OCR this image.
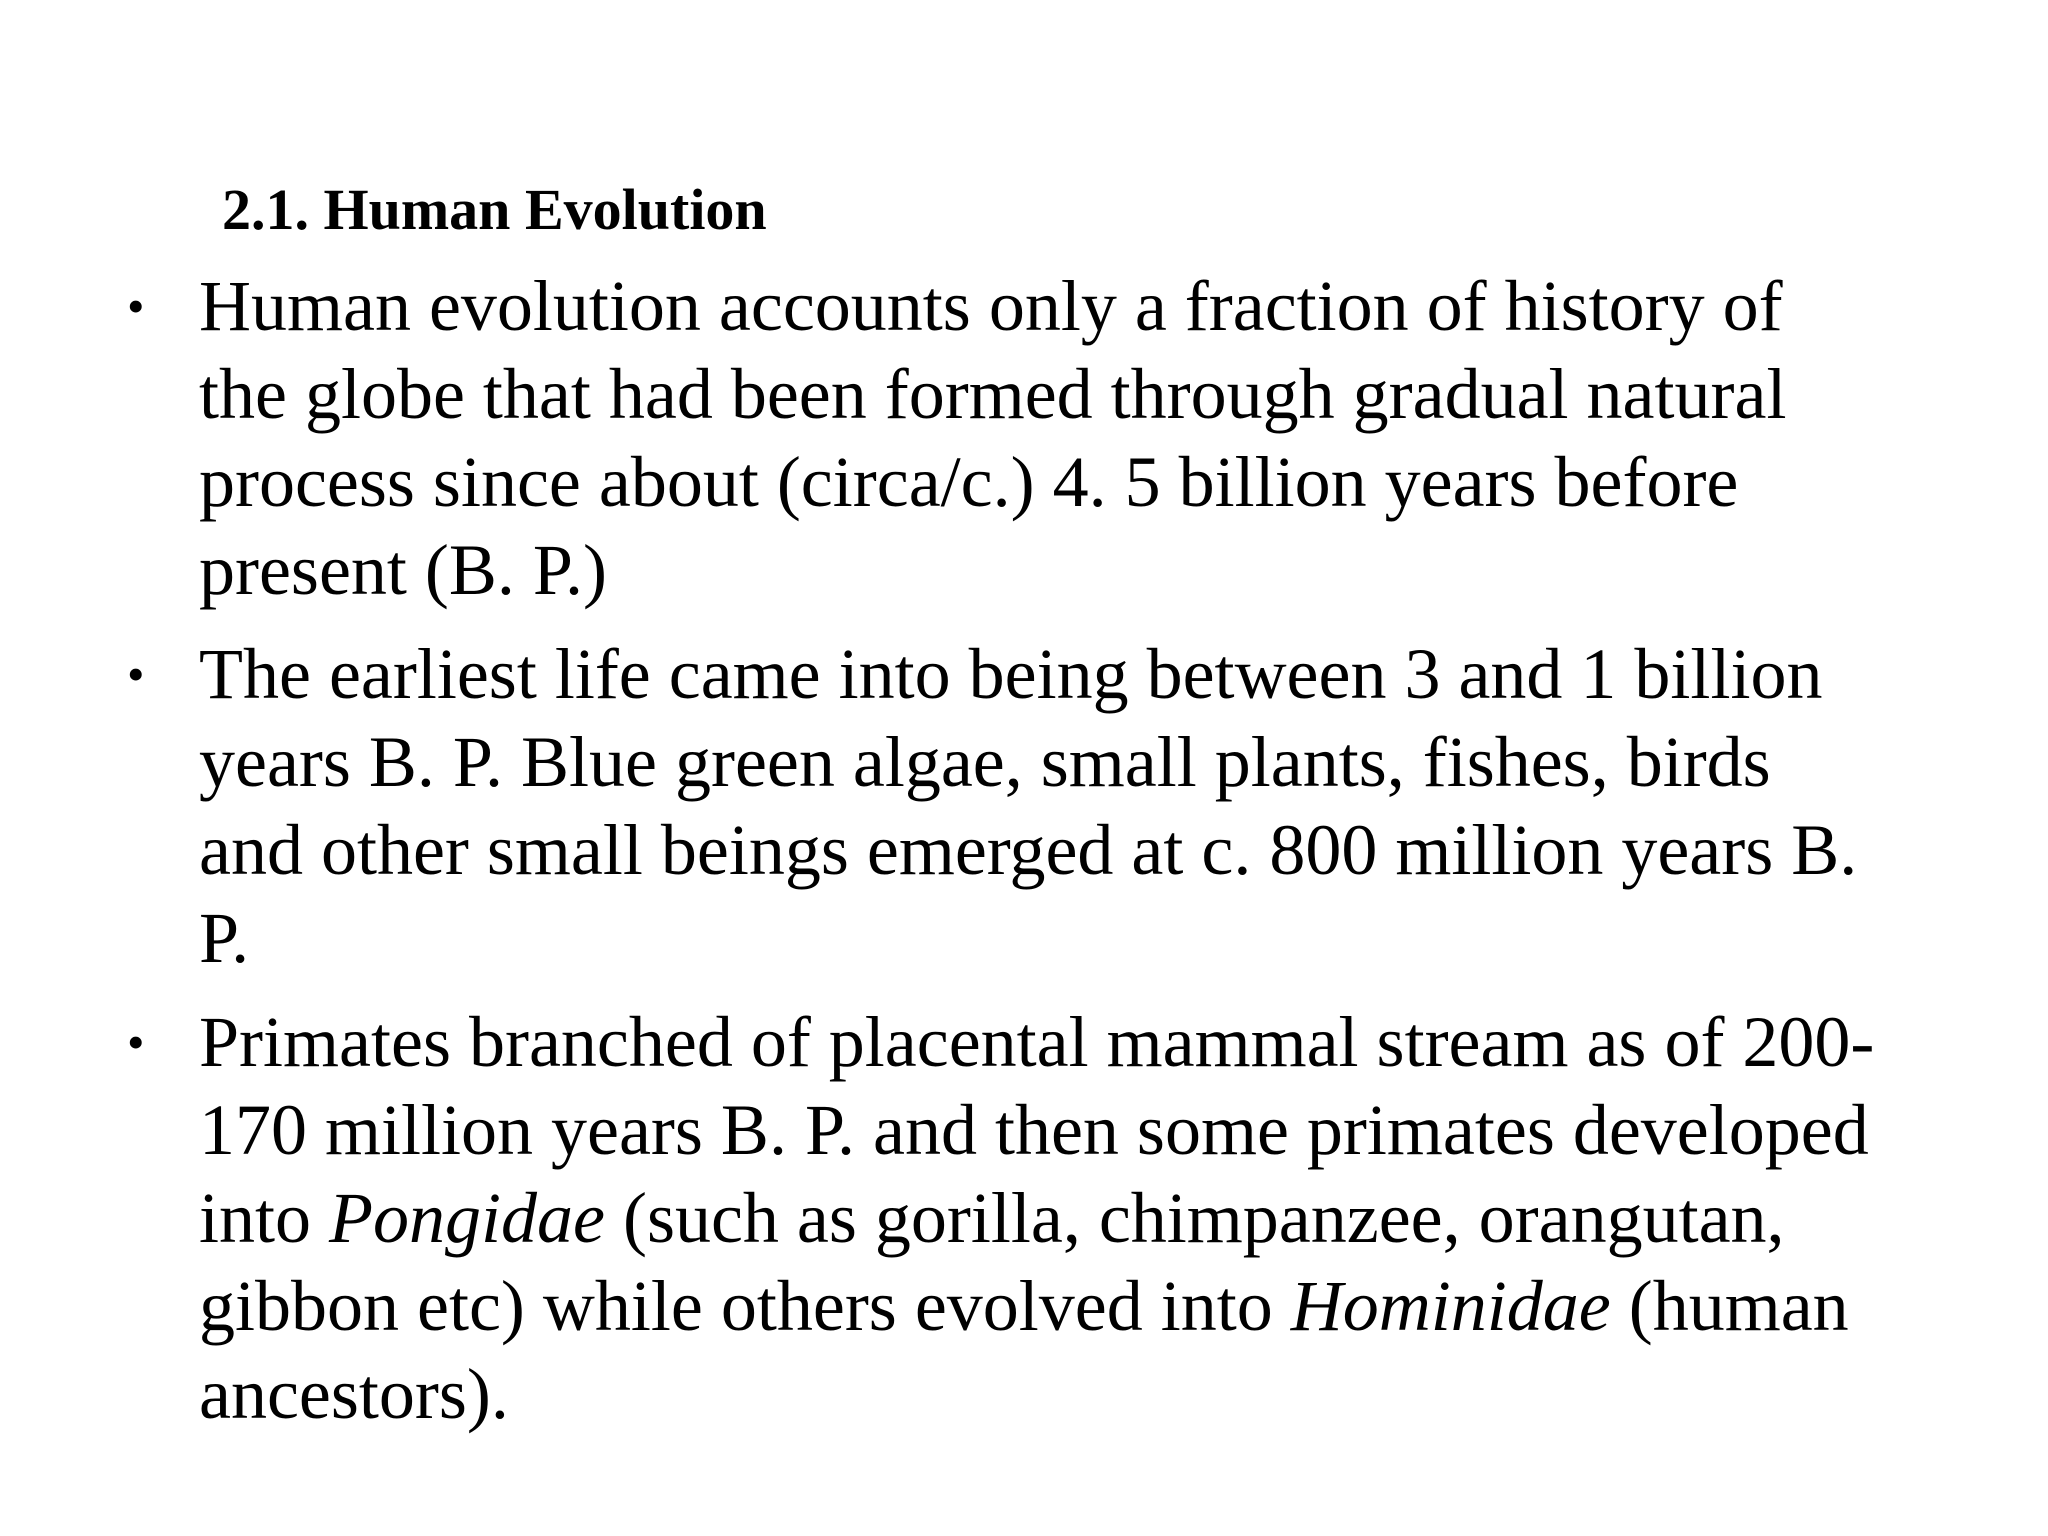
2.1. Human Evolution
• Human evolution accounts only a fraction of history of
the globe that had been formed through gradual natural
process since about (circa/c.) 4. 5 billion years before
present (B. P.)
• The earliest life came into being between 3 and 1 billion
years B. P. Blue green algae, small plants, fishes, birds
and other small beings emerged at c. 800 million years B.
P.
• Primates branched of placental mammal stream as of 200-
170 million years B. P. and then some primates developed
into Pongidae (such as gorilla, chimpanzee, orangutan,
gibbon etc) while others evolved into Hominidae (human
ancestors).
